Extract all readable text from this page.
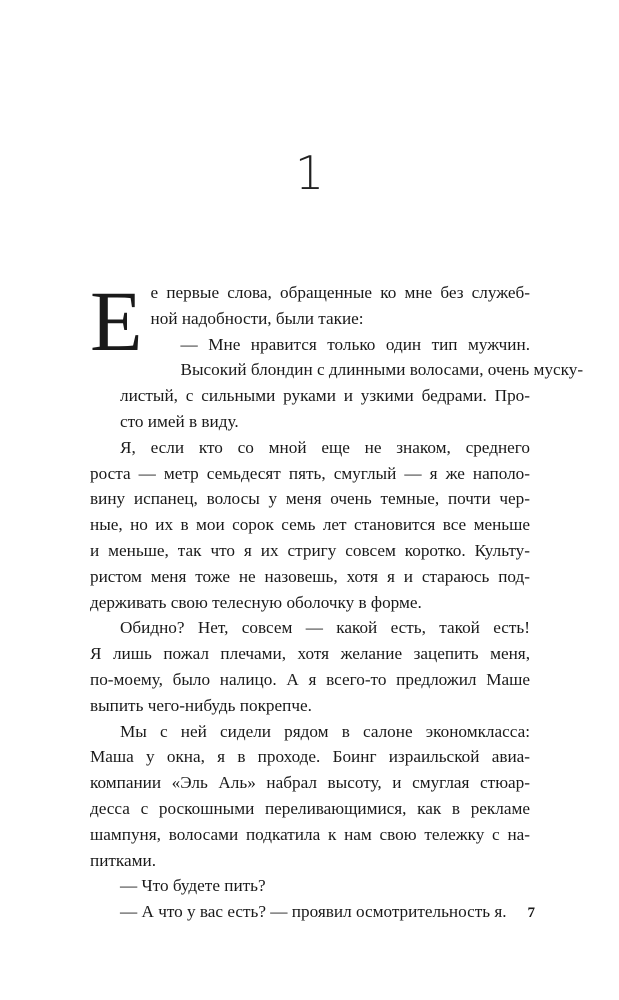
1

Е е первые слова, обращенные ко мне без служеб-
ной надобности, были такие:

— Мне нравится только один тип мужчин.
Высокий блондин с длинными волосами, очень муску-
листый, с сильными руками и узкими бедрами. Про-
сто имей в виду.

Я, если кто со мной еще не знаком, среднего
роста — метр семьдесят пять, смуглый — я же наполо-
вину испанец, волосы у меня очень темные, почти чер-
ные, но их в мои сорок семь лет становится все меньше
и меньше, так что я их стригу совсем коротко. Культу-
ристом меня тоже не назовешь, хотя я и стараюсь под-
держивать свою телесную оболочку в форме.

Обидно? Нет, совсем — какой есть, такой есть!
Я лишь пожал плечами, хотя желание зацепить меня,
по-моему, было налицо. А я всего-то предложил Маше
выпить чего-нибудь покрепче.

Мы с ней сидели рядом в салоне экономкласса:
Маша у окна, я в проходе. Боинг израильской авиа-
компании «Эль Аль» набрал высоту, и смуглая стюар-
десса с роскошными переливающимися, как в рекламе
шампуня, волосами подкатила к нам свою тележку с на-
питками.

— Что будете пить?

— А что у вас есть? — проявил осмотрительность я.	7
